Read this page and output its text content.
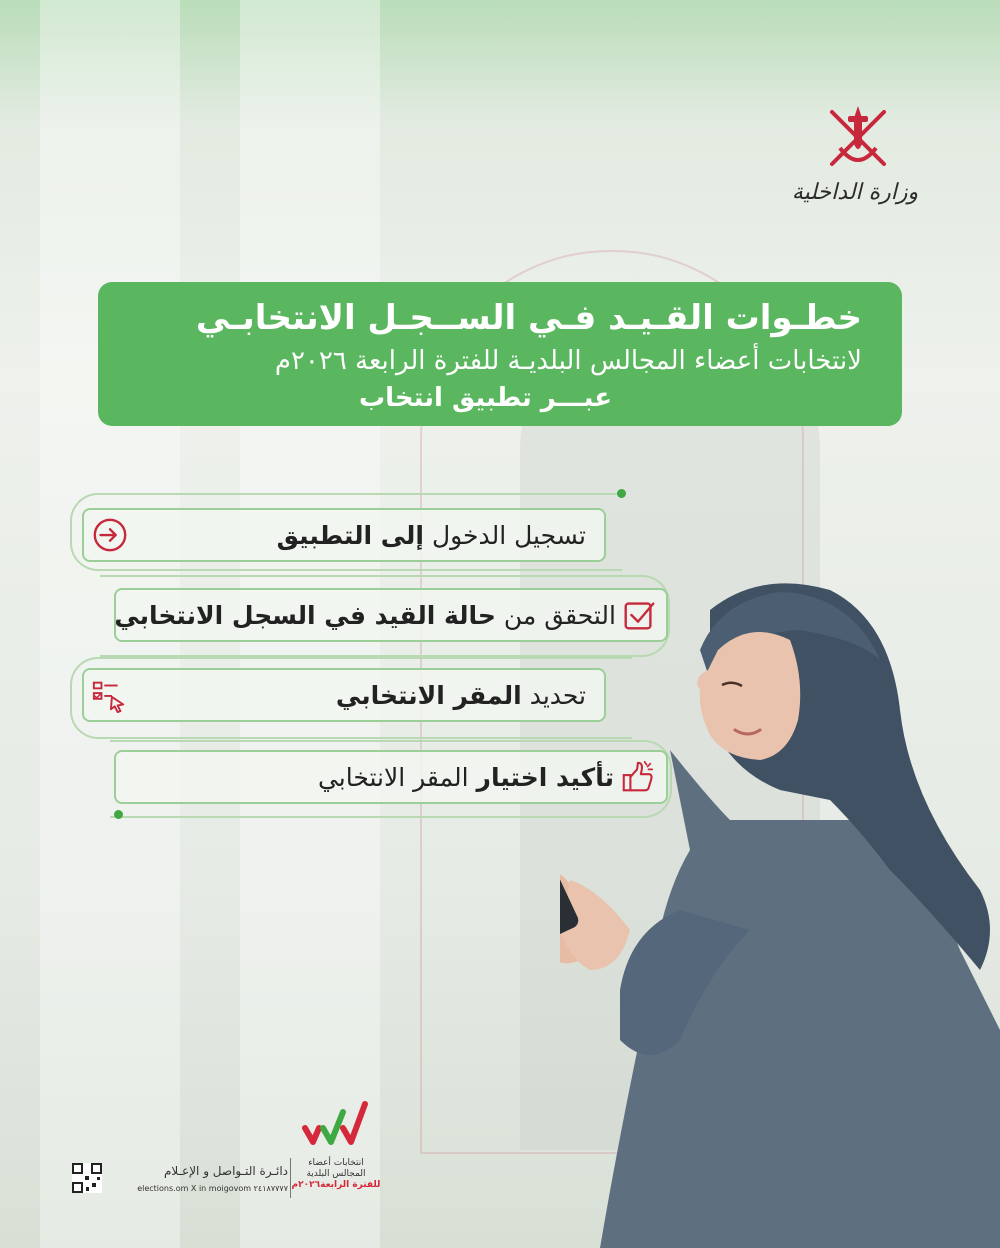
وزارة الداخلية
خطـوات القـيـد فـي الســجـل الانتخابـي
لانتخابات أعضاء المجالس البلديـة للفترة الرابعة ٢٠٢٦م
عبـــر تطبيق انتخاب
تسجيل الدخول إلى التطبيق
التحقق من حالة القيد في السجل الانتخابي
تحديد المقر الانتخابي
تأكيد اختيار المقر الانتخابي
انتخابات أعضاء
المجالس البلدية
للفترة الرابعة٢٠٢٦م
دائـرة التـواصل و الإعـلام
elections.om X in moigovom ٢٤١٨٧٧٧٧
